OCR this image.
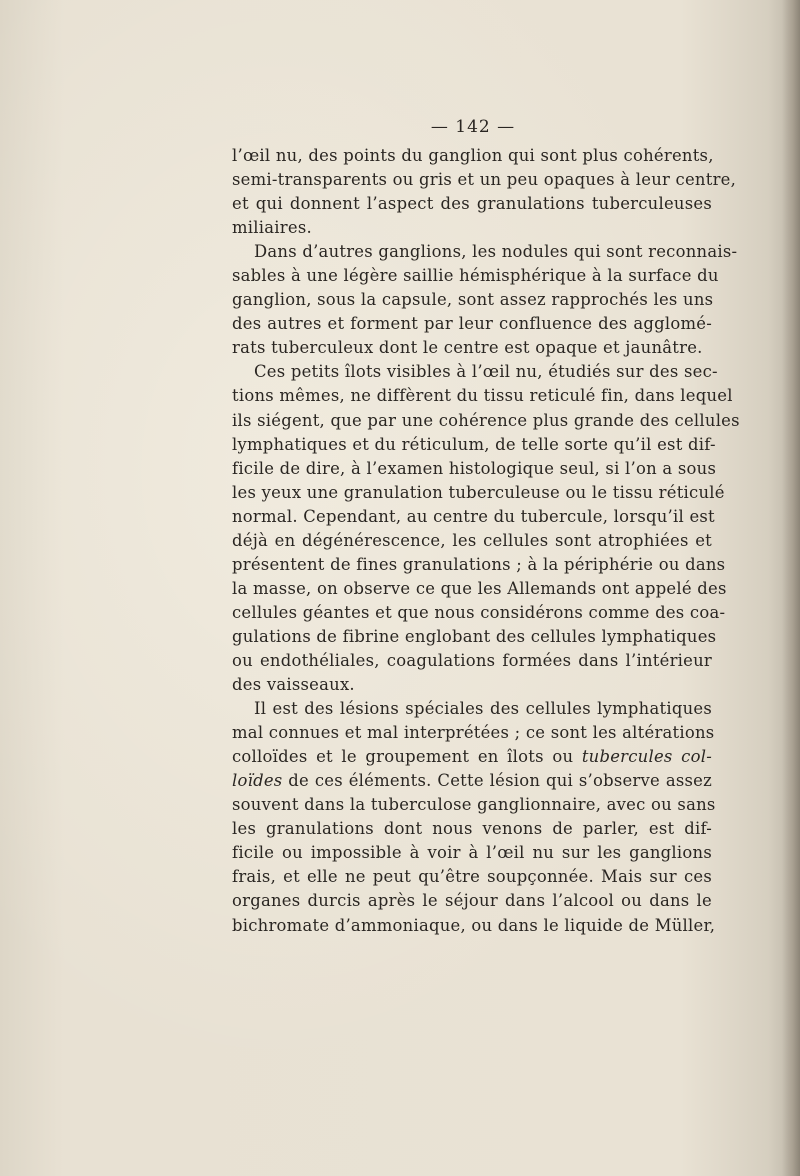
— 142 —
l’œil nu, des points du ganglion qui sont plus cohérents,
semi-transparents ou gris et un peu opaques à leur centre,
et qui donnent l’aspect des granulations tuberculeuses
miliaires.
Dans d’autres ganglions, les nodules qui sont reconnais-
sables à une légère saillie hémisphérique à la surface du
ganglion, sous la capsule, sont assez rapprochés les uns
des autres et forment par leur confluence des agglomé-
rats tuberculeux dont le centre est opaque et jaunâtre.
Ces petits îlots visibles à l’œil nu, étudiés sur des sec-
tions mêmes, ne diffèrent du tissu reticulé fin, dans lequel
ils siégent, que par une cohérence plus grande des cellules
lymphatiques et du réticulum, de telle sorte qu’il est dif-
ficile de dire, à l’examen histologique seul, si l’on a sous
les yeux une granulation tuberculeuse ou le tissu réticulé
normal. Cependant, au centre du tubercule, lorsqu’il est
déjà en dégénérescence, les cellules sont atrophiées et
présentent de fines granulations ; à la périphérie ou dans
la masse, on observe ce que les Allemands ont appelé des
cellules géantes et que nous considérons comme des coa-
gulations de fibrine englobant des cellules lymphatiques
ou endothéliales, coagulations formées dans l’intérieur
des vaisseaux.
Il est des lésions spéciales des cellules lymphatiques
mal connues et mal interprétées ; ce sont les altérations
colloïdes et le groupement en îlots ou tubercules col-
loïdes de ces éléments. Cette lésion qui s’observe assez
souvent dans la tuberculose ganglionnaire, avec ou sans
les granulations dont nous venons de parler, est dif-
ficile ou impossible à voir à l’œil nu sur les ganglions
frais, et elle ne peut qu’être soupçonnée. Mais sur ces
organes durcis après le séjour dans l’alcool ou dans le
bichromate d’ammoniaque, ou dans le liquide de Müller,
